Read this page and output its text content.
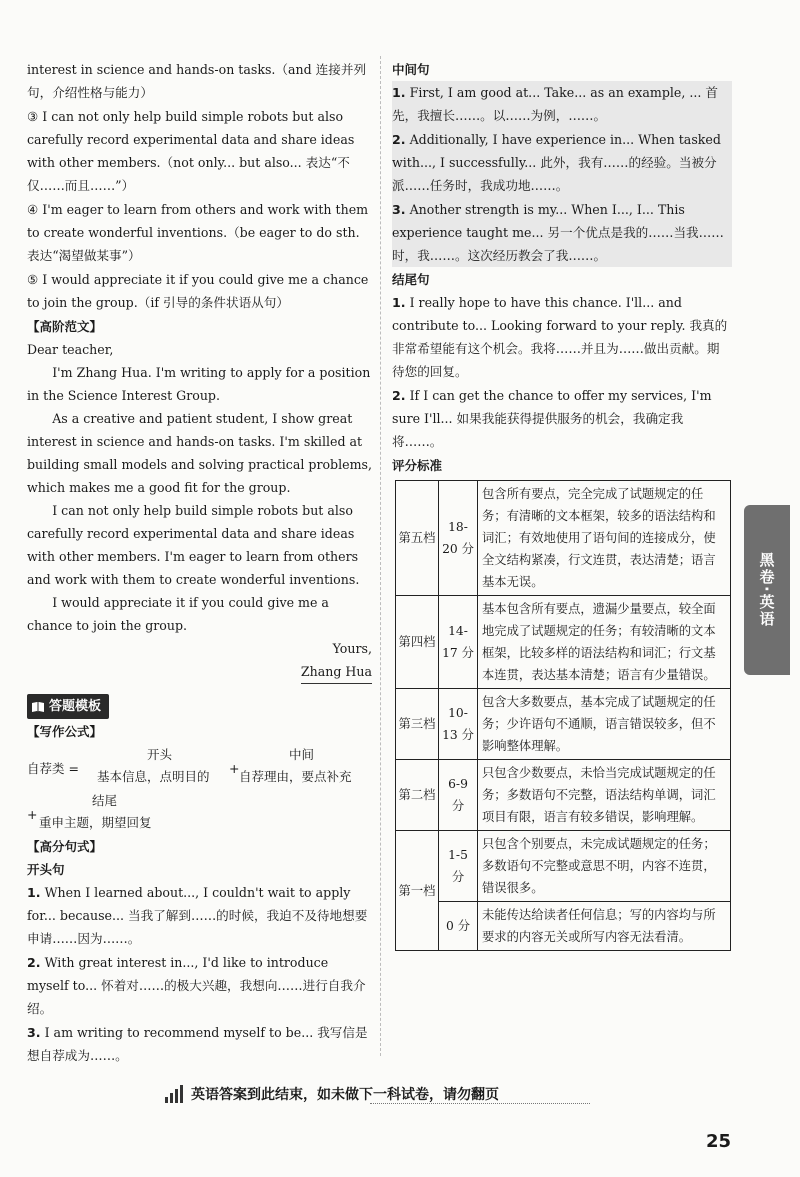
interest in science and hands-on tasks.（and 连接并列句，介绍性格与能力）

③ I can not only help build simple robots but also carefully record experimental data and share ideas with other members.（not only... but also... 表达“不仅……而且……”）

④ I'm eager to learn from others and work with them to create wonderful inventions.（be eager to do sth. 表达“渴望做某事”）

⑤ I would appreciate it if you could give me a chance to join the group.（if 引导的条件状语从句）

【高阶范文】

Dear teacher,

I'm Zhang Hua. I'm writing to apply for a position in the Science Interest Group.

As a creative and patient student, I show great interest in science and hands-on tasks. I'm skilled at building small models and solving practical problems, which makes me a good fit for the group.

I can not only help build simple robots but also carefully record experimental data and share ideas with other members. I'm eager to learn from others and work with them to create wonderful inventions.

I would appreciate it if you could give me a chance to join the group.

Yours,

Zhang Hua

答题模板

【写作公式】

自荐类 =
开头
基本信息，点明目的
+
中间
自荐理由，要点补充
结尾
+
重申主题，期望回复

【高分句式】

开头句

1. When I learned about..., I couldn't wait to apply for... because... 当我了解到……的时候，我迫不及待地想要申请……因为……。

2. With great interest in..., I'd like to introduce myself to... 怀着对……的极大兴趣，我想向……进行自我介绍。

3. I am writing to recommend myself to be... 我写信是想自荐成为……。

中间句

1. First, I am good at... Take... as an example, ... 首先，我擅长……。以……为例，……。

2. Additionally, I have experience in... When tasked with..., I successfully... 此外，我有……的经验。当被分派……任务时，我成功地……。

3. Another strength is my... When I..., I... This experience taught me... 另一个优点是我的……当我……时，我……。这次经历教会了我……。

结尾句

1. I really hope to have this chance. I'll... and contribute to... Looking forward to your reply. 我真的非常希望能有这个机会。我将……并且为……做出贡献。期待您的回复。

2. If I can get the chance to offer my services, I'm sure I'll... 如果我能获得提供服务的机会，我确定我将……。

评分标准

第五档	18-20 分	包含所有要点，完全完成了试题规定的任务；有清晰的文本框架，较多的语法结构和词汇；有效地使用了语句间的连接成分，使全文结构紧凑，行文连贯，表达清楚；语言基本无误。
第四档	14-17 分	基本包含所有要点，遗漏少量要点，较全面地完成了试题规定的任务；有较清晰的文本框架，比较多样的语法结构和词汇；行文基本连贯，表达基本清楚；语言有少量错误。
第三档	10-13 分	包含大多数要点，基本完成了试题规定的任务；少许语句不通顺，语言错误较多，但不影响整体理解。
第二档	6-9 分	只包含少数要点，未恰当完成试题规定的任务；多数语句不完整，语法结构单调，词汇项目有限，语言有较多错误，影响理解。
第一档	1-5 分	只包含个别要点，未完成试题规定的任务；多数语句不完整或意思不明，内容不连贯，错误很多。
	0 分	未能传达给读者任何信息；写的内容均与所要求的内容无关或所写内容无法看清。
黑卷·英语
英语答案到此结束，如未做下一科试卷，请勿翻页
25
